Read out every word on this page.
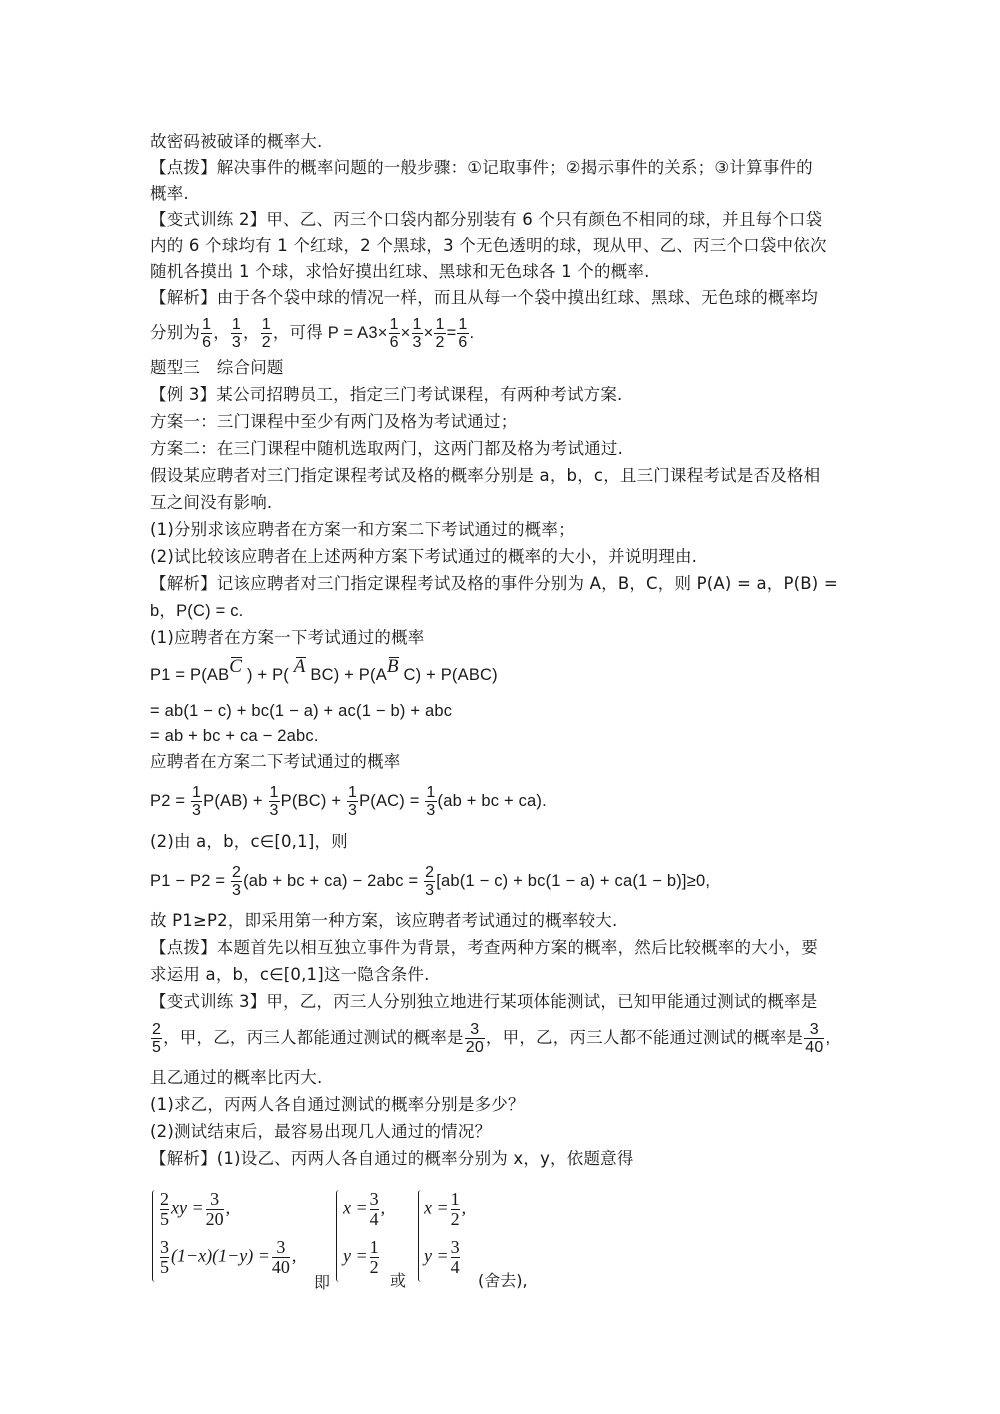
故密码被破译的概率大.
【点拨】解决事件的概率问题的一般步骤：①记取事件；②揭示事件的关系；③计算事件的
概率.
【变式训练 2】甲、乙、丙三个口袋内都分别装有 6 个只有颜色不相同的球，并且每个口袋
内的 6 个球均有 1 个红球，2 个黑球，3 个无色透明的球，现从甲、乙、丙三个口袋中依次
随机各摸出 1 个球，求恰好摸出红球、黑球和无色球各 1 个的概率.
【解析】由于各个袋中球的情况一样，而且从每一个袋中摸出红球、黑球、无色球的概率均
分别为 $\frac{1}{6}$ ， $\frac{1}{3}$ ， $\frac{1}{2}$ ，可得 $P = A3\times \frac{1}{6} \times \frac{1}{3} \times \frac{1}{2} = \frac{1}{6}$ .
题型三　综合问题
【例 3】某公司招聘员工，指定三门考试课程，有两种考试方案.
方案一：三门课程中至少有两门及格为考试通过；
方案二：在三门课程中随机选取两门，这两门都及格为考试通过.
假设某应聘者对三门指定课程考试及格的概率分别是 a，b，c，且三门课程考试是否及格相
互之间没有影响.
(1)分别求该应聘者在方案一和方案二下考试通过的概率；
(2)试比较该应聘者在上述两种方案下考试通过的概率的大小，并说明理由.
【解析】记该应聘者对三门指定课程考试及格的事件分别为 A，B，C，则 P(A) = a，P(B) =
b，P(C) = c.
(1)应聘者在方案一下考试通过的概率
P1 = P(ABC ) + P( A BC) + P(AB C) + P(ABC)
= ab(1 − c) + bc(1 − a) + ac(1 − b) + abc
= ab + bc + ca − 2abc.
应聘者在方案二下考试通过的概率
$P2 = \frac{1}{3} P(AB) + \frac{1}{3} P(BC) + \frac{1}{3} P(AC) = \frac{1}{3} (ab$ + bc + ca).
(2)由 a，b，c∈[0,1]，则
$P1 - P2 = \frac{2}{3} (ab$ + bc + $ca) - 2abc = \frac{2}{3} [ab(1 - c) + bc(1 - a) + ca(1 - b)]\ge 0$,
故 P1≥P2，即采用第一种方案，该应聘者考试通过的概率较大.
【点拨】本题首先以相互独立事件为背景，考查两种方案的概率，然后比较概率的大小，要
求运用 a，b，c∈[0,1]这一隐含条件.
【变式训练 3】甲，乙，丙三人分别独立地进行某项体能测试，已知甲能通过测试的概率是
$\frac{2}{5}$ ，甲，乙，丙三人都能通过测试的概率是 $\frac{3}{20}$ ，甲，乙，丙三人都不能通过测试的概率是 $\frac{3}{40}$ ,
且乙通过的概率比丙大.
(1)求乙，丙两人各自通过测试的概率分别是多少？
(2)测试结束后，最容易出现几人通过的情况？
【解析】(1)设乙、丙两人各自通过的概率分别为 x，y，依题意得
$\frac{2}{5}$ xy = $\frac{3}{20}$ ,
$\frac{3}{5} (1-x)(1-y) = \frac{3}{40}$ ,
即
$x = \frac{3}{4}$ ,
$y = \frac{1}{2}$
或
$x = \frac{1}{2}$ ,
$y = \frac{3}{4}$
(舍去),
